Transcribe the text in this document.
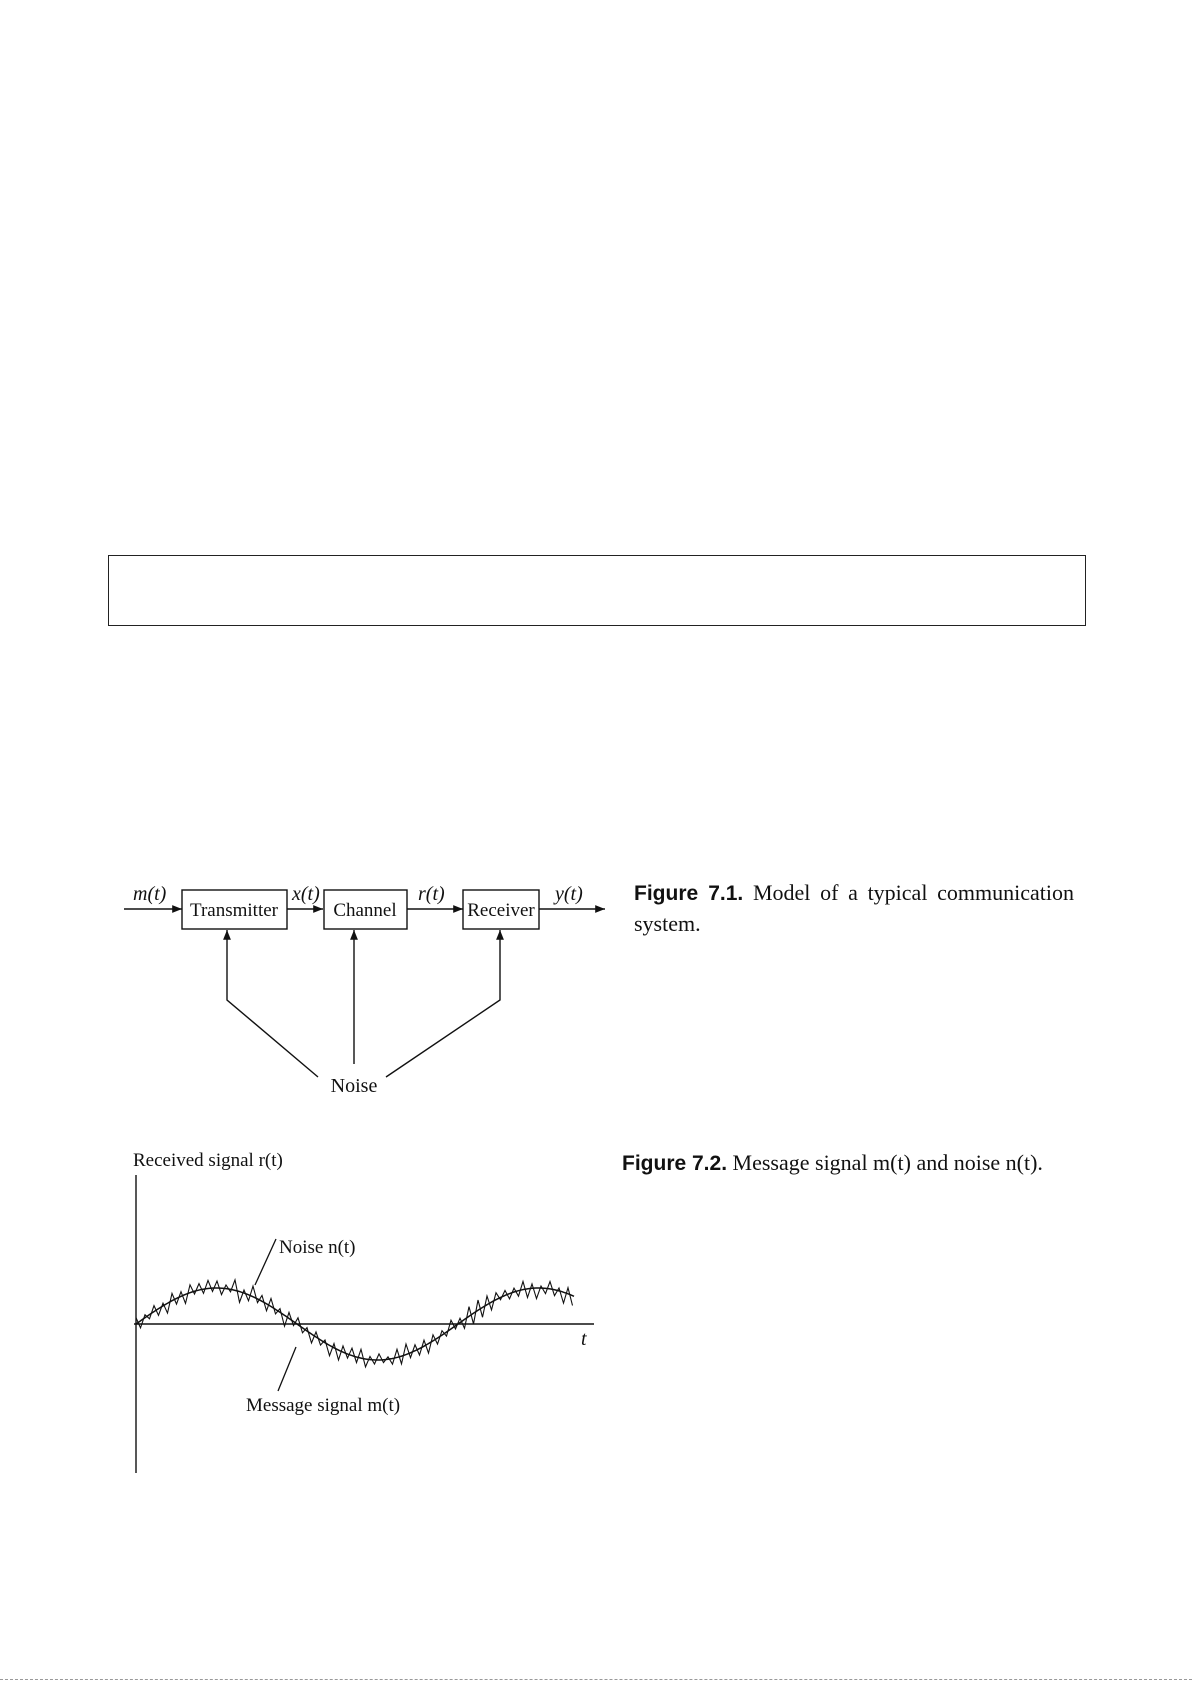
m(t)
Transmitter
x(t)
Channel
r(t)
Receiver
y(t)
Noise
Received signal r(t)
t
Noise n(t)
Message signal m(t)
Figure 7.1. Model of a typical communication system.
Figure 7.2. Message signal m(t) and noise n(t).
